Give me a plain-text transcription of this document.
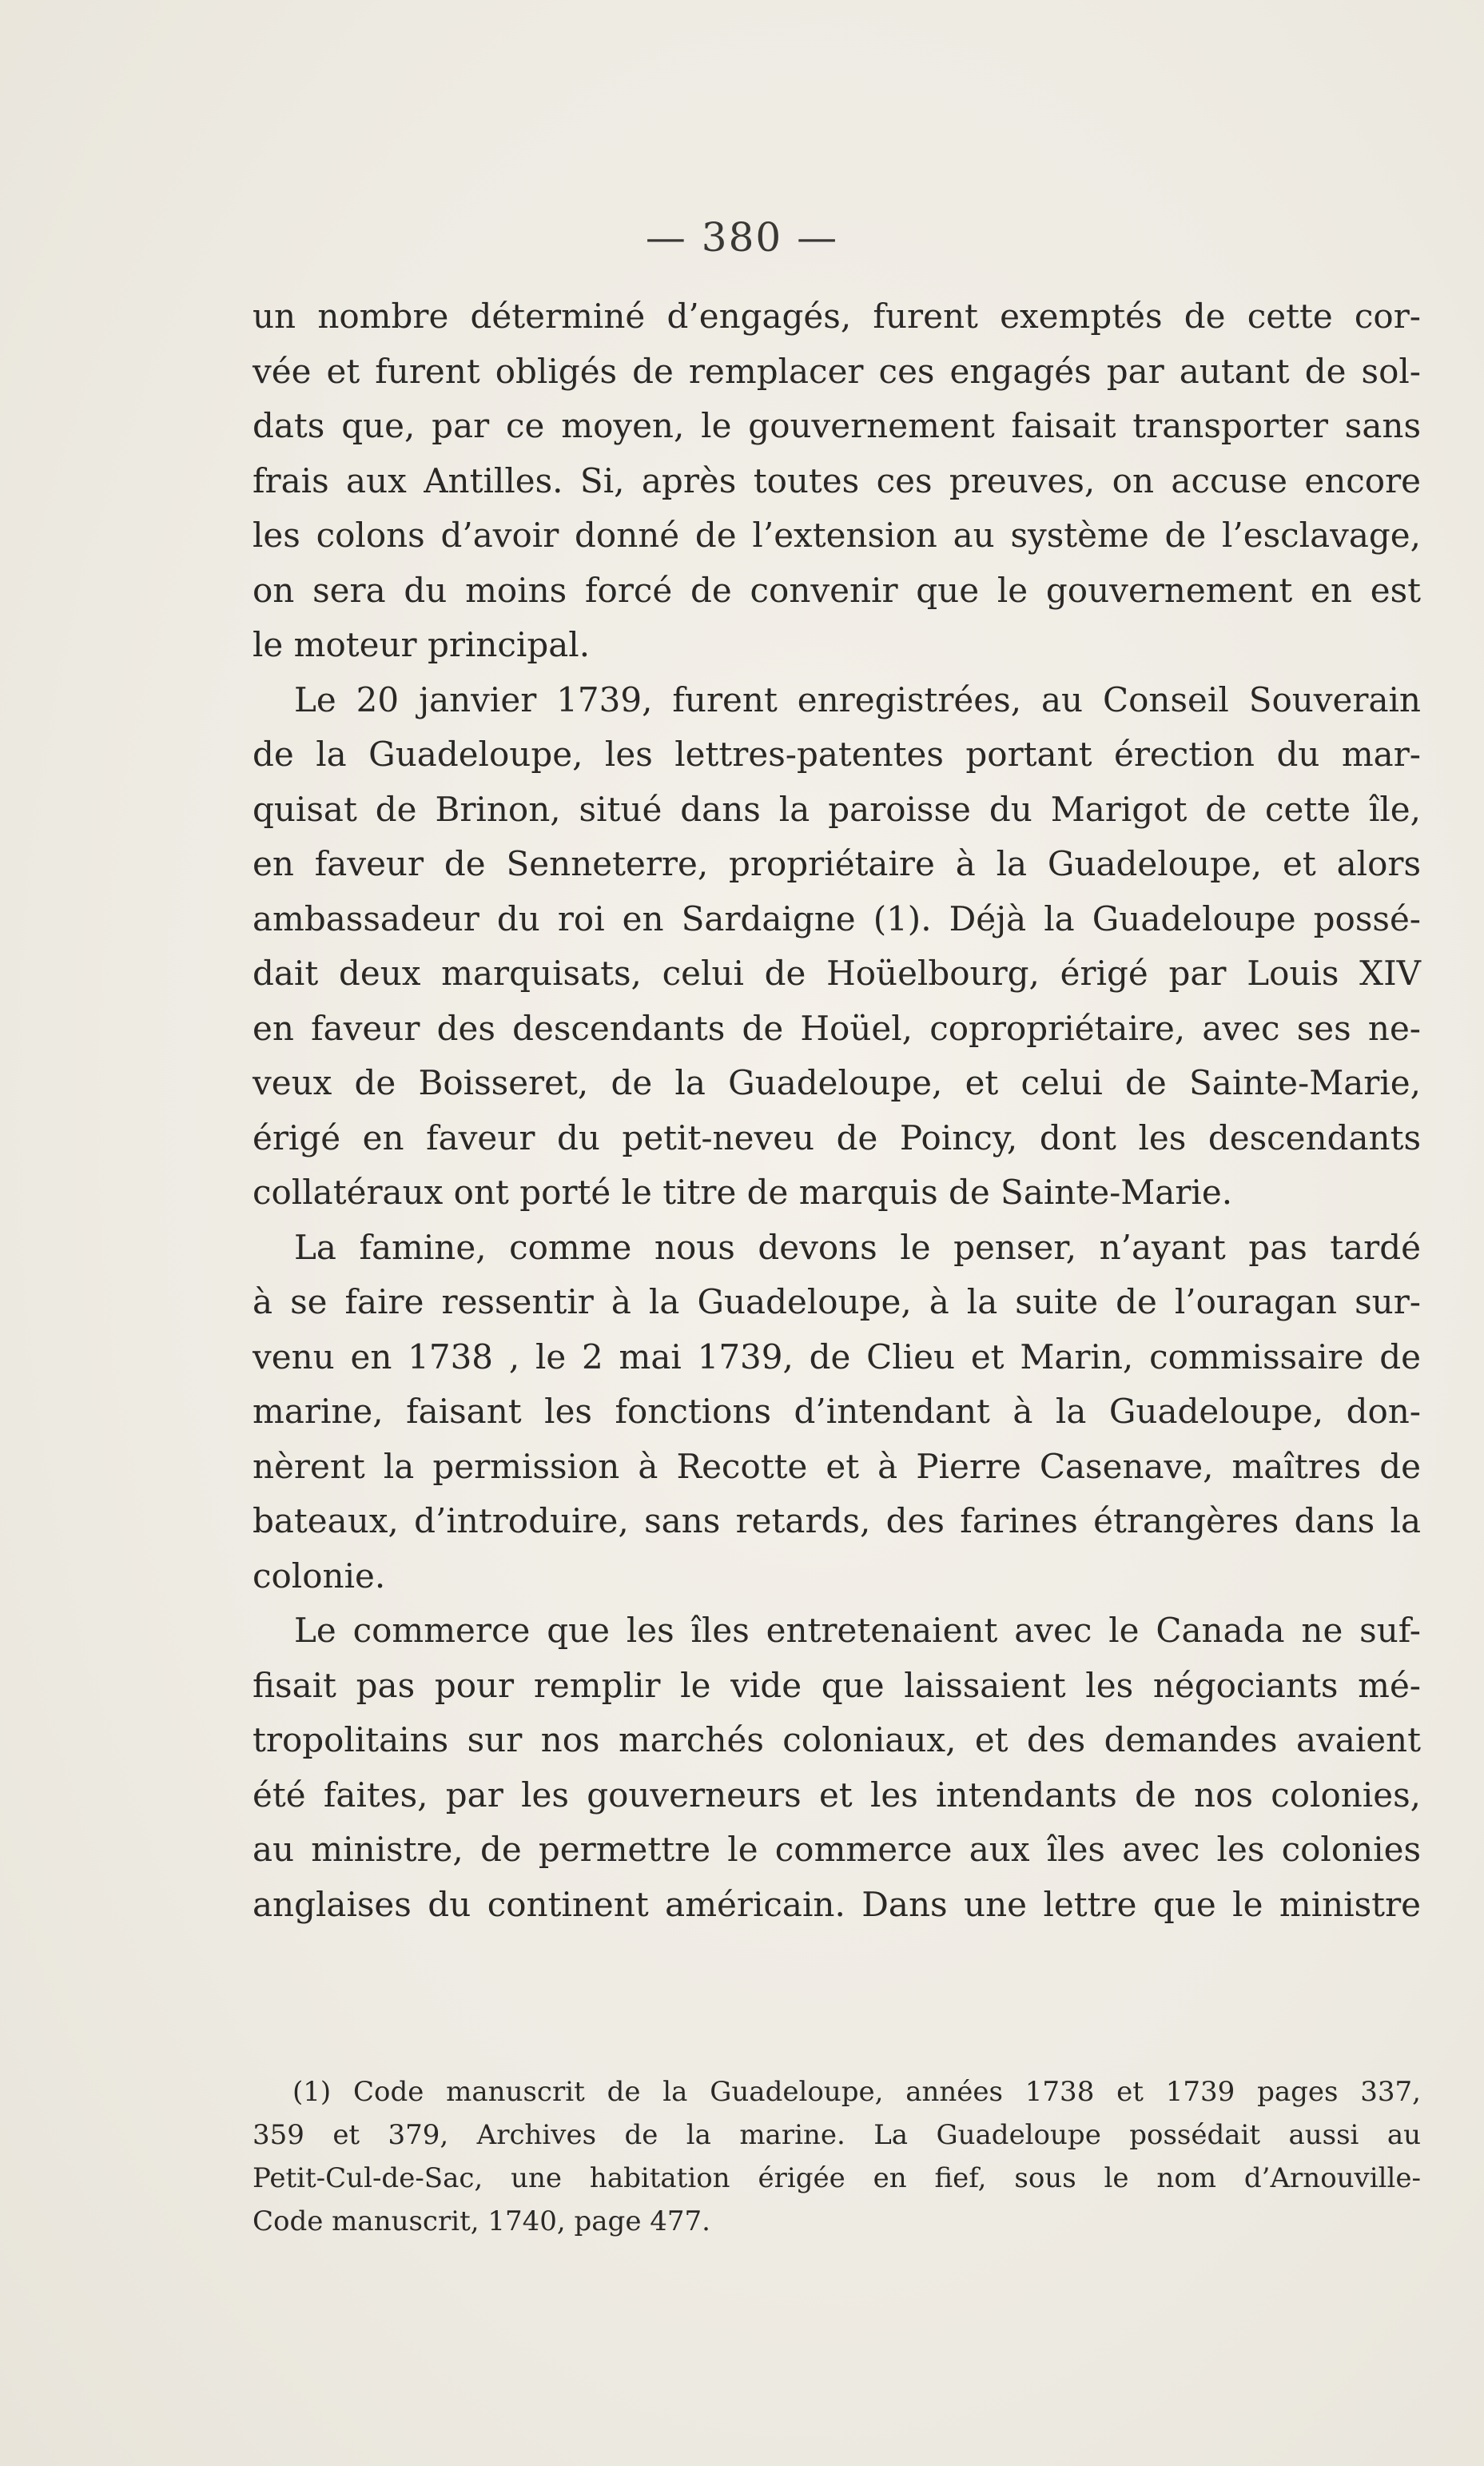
— 380 —
un nombre déterminé d’engagés, furent exemptés de cette cor-
vée et furent obligés de remplacer ces engagés par autant de sol-
dats que, par ce moyen, le gouvernement faisait transporter sans
frais aux Antilles. Si, après toutes ces preuves, on accuse encore
les colons d’avoir donné de l’extension au système de l’esclavage,
on sera du moins forcé de convenir que le gouvernement en est
le moteur principal.
Le 20 janvier 1739, furent enregistrées, au Conseil Souverain
de la Guadeloupe, les lettres-patentes portant érection du mar-
quisat de Brinon, situé dans la paroisse du Marigot de cette île,
en faveur de Senneterre, propriétaire à la Guadeloupe, et alors
ambassadeur du roi en Sardaigne (1). Déjà la Guadeloupe possé-
dait deux marquisats, celui de Hoüelbourg, érigé par Louis XIV
en faveur des descendants de Hoüel, copropriétaire, avec ses ne-
veux de Boisseret, de la Guadeloupe, et celui de Sainte-Marie,
érigé en faveur du petit-neveu de Poincy, dont les descendants
collatéraux ont porté le titre de marquis de Sainte-Marie.
La famine, comme nous devons le penser, n’ayant pas tardé
à se faire ressentir à la Guadeloupe, à la suite de l’ouragan sur-
venu en 1738 , le 2 mai 1739, de Clieu et Marin, commissaire de
marine, faisant les fonctions d’intendant à la Guadeloupe, don-
nèrent la permission à Recotte et à Pierre Casenave, maîtres de
bateaux, d’introduire, sans retards, des farines étrangères dans la
colonie.
Le commerce que les îles entretenaient avec le Canada ne suf-
fisait pas pour remplir le vide que laissaient les négociants mé-
tropolitains sur nos marchés coloniaux, et des demandes avaient
été faites, par les gouverneurs et les intendants de nos colonies,
au ministre, de permettre le commerce aux îles avec les colonies
anglaises du continent américain. Dans une lettre que le ministre
(1) Code manuscrit de la Guadeloupe, années 1738 et 1739 pages 337,
359 et 379, Archives de la marine. La Guadeloupe possédait aussi au
Petit-Cul-de-Sac, une habitation érigée en fief, sous le nom d’Arnouville-
Code manuscrit, 1740, page 477.
